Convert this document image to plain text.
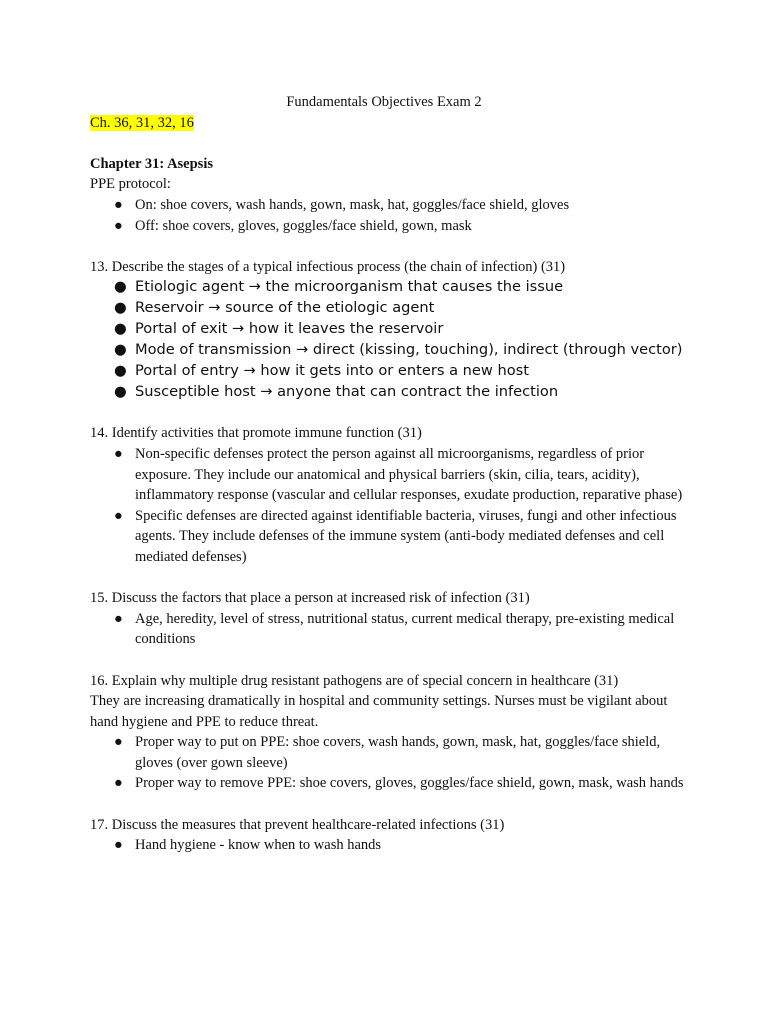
Fundamentals Objectives Exam 2

Ch. 36, 31, 32, 16

Chapter 31: Asepsis

PPE protocol:

● On: shoe covers, wash hands, gown, mask, hat, goggles/face shield, gloves
● Off: shoe covers, gloves, goggles/face shield, gown, mask

13. Describe the stages of a typical infectious process (the chain of infection) (31)

● Etiologic agent → the microorganism that causes the issue
● Reservoir → source of the etiologic agent
● Portal of exit → how it leaves the reservoir
● Mode of transmission → direct (kissing, touching), indirect (through vector)
● Portal of entry → how it gets into or enters a new host
● Susceptible host → anyone that can contract the infection

14. Identify activities that promote immune function (31)

● Non-specific defenses protect the person against all microorganisms, regardless of prior exposure. They include our anatomical and physical barriers (skin, cilia, tears, acidity), inflammatory response (vascular and cellular responses, exudate production, reparative phase)
● Specific defenses are directed against identifiable bacteria, viruses, fungi and other infectious agents. They include defenses of the immune system (anti-body mediated defenses and cell mediated defenses)

15. Discuss the factors that place a person at increased risk of infection (31)

● Age, heredity, level of stress, nutritional status, current medical therapy, pre-existing medical conditions

16. Explain why multiple drug resistant pathogens are of special concern in healthcare (31)

They are increasing dramatically in hospital and community settings. Nurses must be vigilant about hand hygiene and PPE to reduce threat.

● Proper way to put on PPE: shoe covers, wash hands, gown, mask, hat, goggles/face shield, gloves (over gown sleeve)
● Proper way to remove PPE: shoe covers, gloves, goggles/face shield, gown, mask, wash hands

17. Discuss the measures that prevent healthcare-related infections (31)

● Hand hygiene - know when to wash hands
